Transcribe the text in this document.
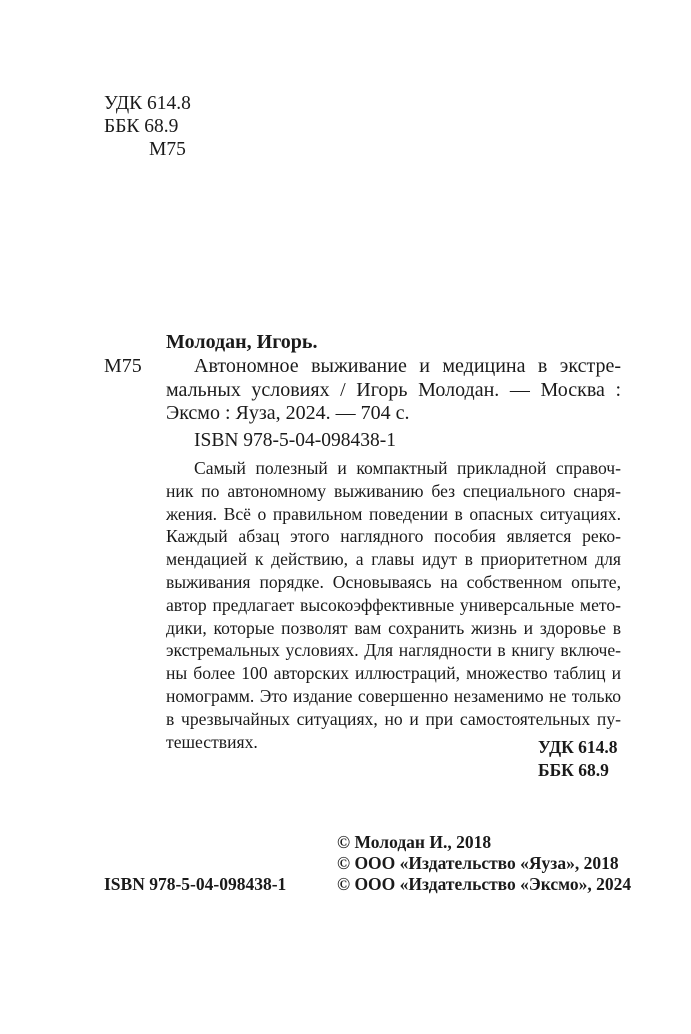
УДК 614.8
ББК 68.9
М75
Молодан, Игорь.
М75	Автономное выживание и медицина в экстре-
мальных условиях / Игорь Молодан. — Москва :
Эксмо : Яуза, 2024. — 704 с.
ISBN 978-5-04-098438-1
Самый полезный и компактный прикладной справоч-
ник по автономному выживанию без специального снаря-
жения. Всё о правильном поведении в опасных ситуациях.
Каждый абзац этого наглядного пособия является реко-
мендацией к действию, а главы идут в приоритетном для
выживания порядке. Основываясь на собственном опыте,
автор предлагает высокоэффективные универсальные мето-
дики, которые позволят вам сохранить жизнь и здоровье в
экстремальных условиях. Для наглядности в книгу включе-
ны более 100 авторских иллюстраций, множество таблиц и
номограмм. Это издание совершенно незаменимо не только
в чрезвычайных ситуациях, но и при самостоятельных пу-
тешествиях.	УДК 614.8
ББК 68.9
© Молодан И., 2018
© ООО «Издательство «Яуза», 2018
© ООО «Издательство «Эксмо», 2024
ISBN 978-5-04-098438-1
